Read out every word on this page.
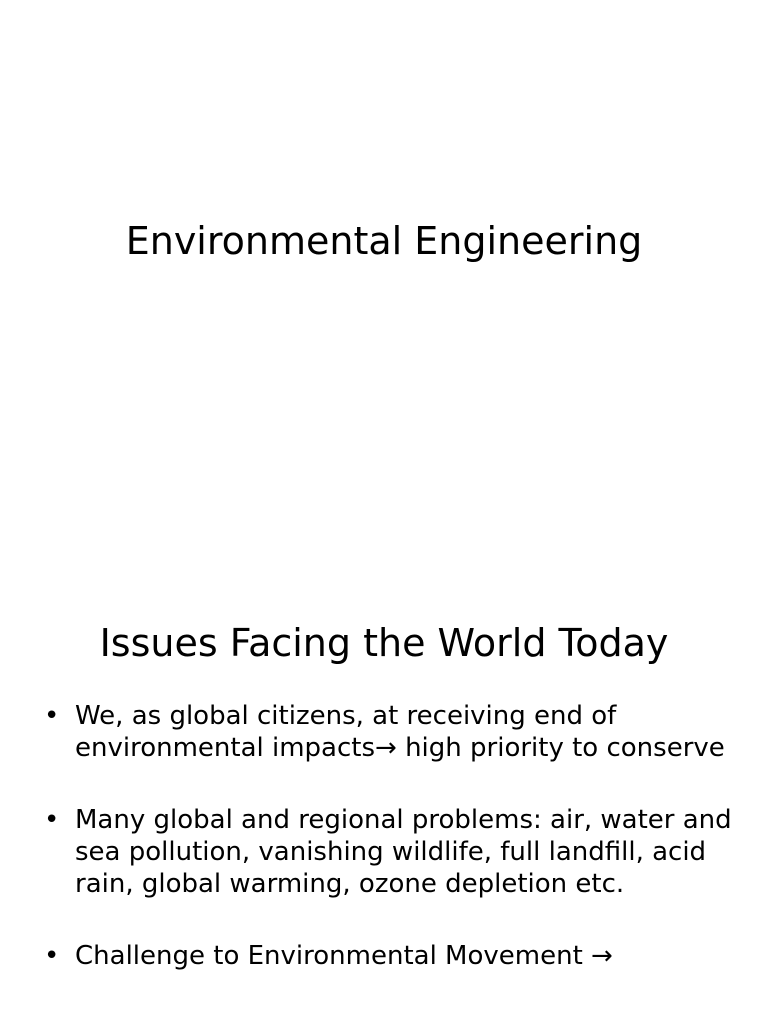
Environmental Engineering
Issues Facing the World Today
• We, as global citizens, at receiving end of environmental impacts→ high priority to conserve
• Many global and regional problems: air, water and sea pollution, vanishing wildlife, full landfill, acid rain, global warming, ozone depletion etc.
• Challenge to Environmental Movement →
